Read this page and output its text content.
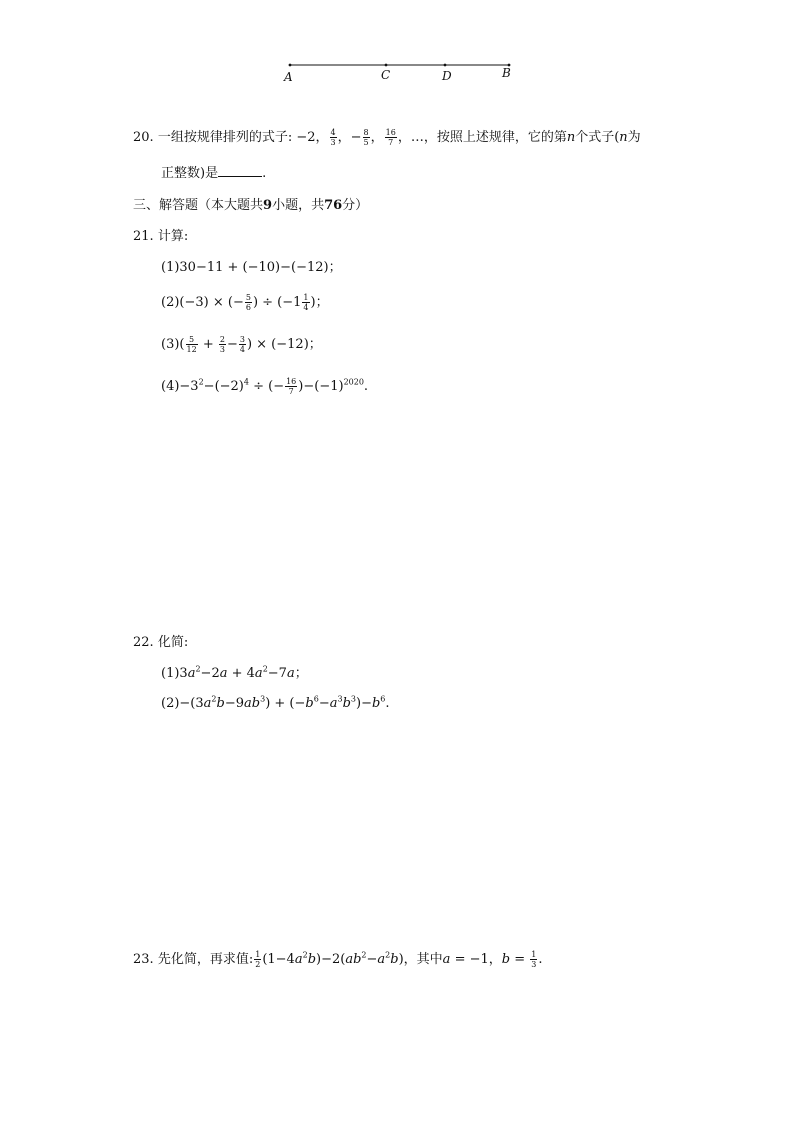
A	C	D	B
20. 一组按规律排列的式子: −2， $\frac{4}{3}$ ，− $\frac{8}{5}$ ， $\frac{16}{7}$ ，…，按照上述规律，它的第n个式子(n为
正整数)是	.
三、解答题（本大题共9小题，共76分）
21. 计算:
(1)30−11 + (−10)−(−12)；
(2)(−3) × (− $\frac{5}{6}$ ) ÷ ($-1 \frac{1}{4}$ )；
$(3)( \frac{5}{12} + \frac{2}{3} - \frac{3}{4}$ ) × (−12)；
$(4)-3^2-(-2)^4$ ÷ (− $\frac{16}{7} )-(-1)^{2020}$.
22. 化简:
$(1)3a^2-2a + 4a^2-7a$；
$(2)-(3a^2b-9ab^3) + (-b^6-a^3b^3)-b^6$.
23. 先化简，再求值: $\frac{1}{2} (1-4a^2b)-2(ab^2-a^2b)$，其中a = −1，$b = \frac{1}{3}$ .
